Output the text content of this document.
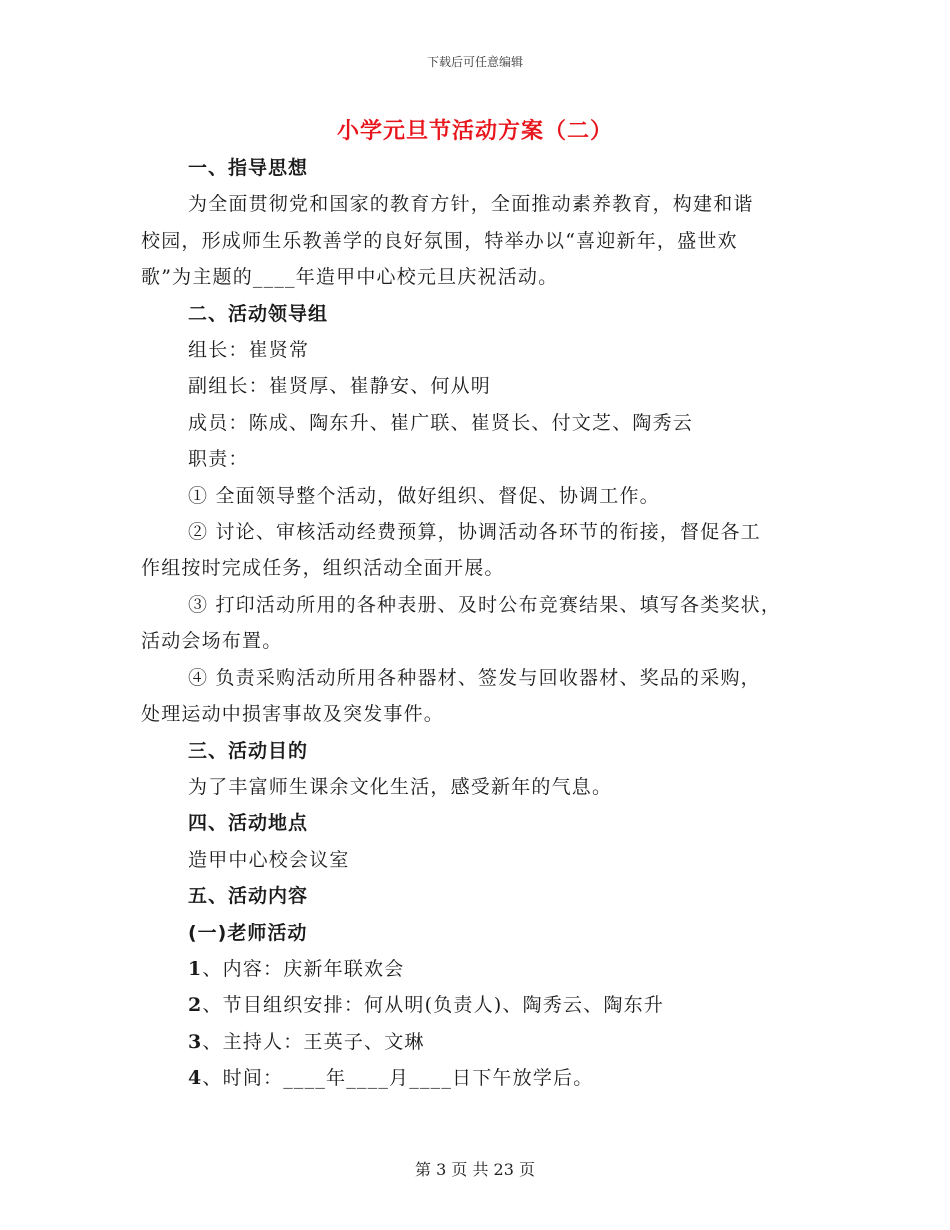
下载后可任意编辑
小学元旦节活动方案（二）

一、指导思想

为全面贯彻党和国家的教育方针，全面推动素养教育，构建和谐

校园，形成师生乐教善学的良好氛围，特举办以“喜迎新年，盛世欢

歌”为主题的____年造甲中心校元旦庆祝活动。

二、活动领导组

组长：崔贤常

副组长：崔贤厚、崔静安、何从明

成员：陈成、陶东升、崔广联、崔贤长、付文芝、陶秀云

职责：

① 全面领导整个活动，做好组织、督促、协调工作。

② 讨论、审核活动经费预算，协调活动各环节的衔接，督促各工

作组按时完成任务，组织活动全面开展。

③ 打印活动所用的各种表册、及时公布竞赛结果、填写各类奖状，

活动会场布置。

④ 负责采购活动所用各种器材、签发与回收器材、奖品的采购，

处理运动中损害事故及突发事件。

三、活动目的

为了丰富师生课余文化生活，感受新年的气息。

四、活动地点

造甲中心校会议室

五、活动内容

(一)老师活动

1、内容：庆新年联欢会

2、节目组织安排：何从明(负责人)、陶秀云、陶东升

3、主持人：王英子、文琳

4、时间：____年____月____日下午放学后。

第 3 页 共 23 页
